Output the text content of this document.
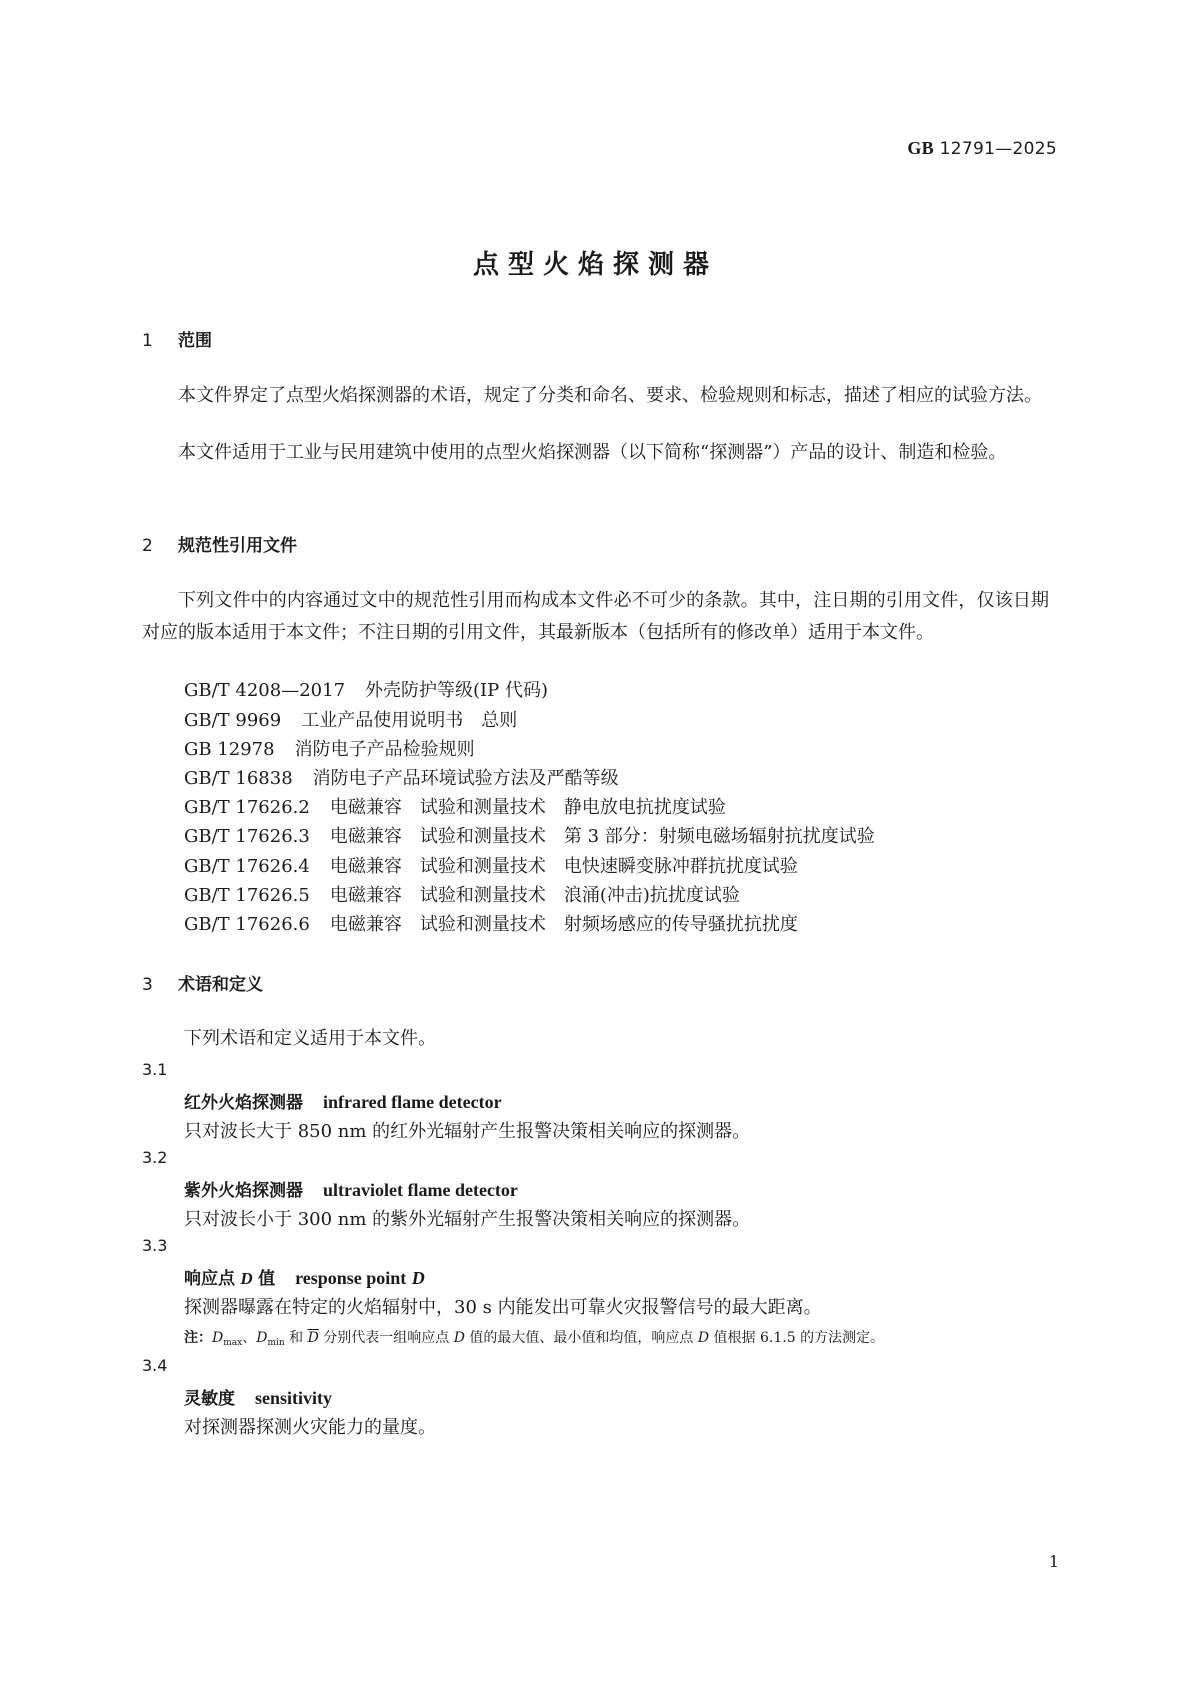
GB 12791—2025
点型火焰探测器
1 范围

本文件界定了点型火焰探测器的术语，规定了分类和命名、要求、检验规则和标志，描述了相应的试验方法。

本文件适用于工业与民用建筑中使用的点型火焰探测器（以下简称“探测器”）产品的设计、制造和检验。

2 规范性引用文件

下列文件中的内容通过文中的规范性引用而构成本文件必不可少的条款。其中，注日期的引用文件，仅该日期对应的版本适用于本文件；不注日期的引用文件，其最新版本（包括所有的修改单）适用于本文件。

GB/T 4208—2017 外壳防护等级(IP 代码)
GB/T 9969 工业产品使用说明书　总则
GB 12978 消防电子产品检验规则
GB/T 16838 消防电子产品环境试验方法及严酷等级
GB/T 17626.2 电磁兼容　试验和测量技术　静电放电抗扰度试验
GB/T 17626.3 电磁兼容　试验和测量技术　第 3 部分：射频电磁场辐射抗扰度试验
GB/T 17626.4 电磁兼容　试验和测量技术　电快速瞬变脉冲群抗扰度试验
GB/T 17626.5 电磁兼容　试验和测量技术　浪涌(冲击)抗扰度试验
GB/T 17626.6 电磁兼容　试验和测量技术　射频场感应的传导骚扰抗扰度
3 术语和定义
下列术语和定义适用于本文件。
3.1
红外火焰探测器 infrared flame detector
只对波长大于 850 nm 的红外光辐射产生报警决策相关响应的探测器。
3.2
紫外火焰探测器 ultraviolet flame detector
只对波长小于 300 nm 的紫外光辐射产生报警决策相关响应的探测器。
3.3
响应点 D 值 response point D
探测器曝露在特定的火焰辐射中，30 s 内能发出可靠火灾报警信号的最大距离。
注：$D_{max}$、$D_{min}$ 和 $\overline{D}$ 分别代表一组响应点 D 值的最大值、最小值和均值，响应点 D 值根据 6.1.5 的方法测定。
3.4
灵敏度 sensitivity
对探测器探测火灾能力的量度。
1
